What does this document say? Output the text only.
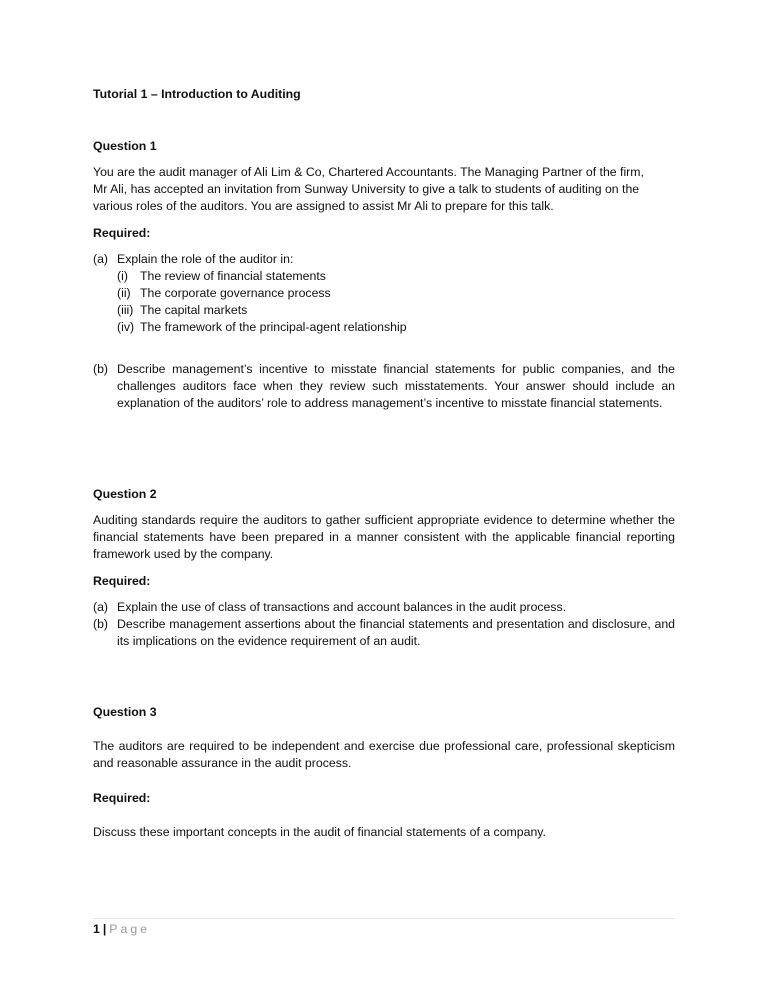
Tutorial 1 – Introduction to Auditing

Question 1

You are the audit manager of Ali Lim & Co, Chartered Accountants. The Managing Partner of the firm,

Mr Ali, has accepted an invitation from Sunway University to give a talk to students of auditing on the

various roles of the auditors. You are assigned to assist Mr Ali to prepare for this talk.

Required:

(a) Explain the role of the auditor in:
(i) The review of financial statements
(ii) The corporate governance process
(iii) The capital markets
(iv) The framework of the principal-agent relationship
(b) Describe management’s incentive to misstate financial statements for public companies, and the challenges auditors face when they review such misstatements. Your answer should include an explanation of the auditors’ role to address management’s incentive to misstate financial statements.

Question 2

Auditing standards require the auditors to gather sufficient appropriate evidence to determine whether the financial statements have been prepared in a manner consistent with the applicable financial reporting framework used by the company.

Required:

(a) Explain the use of class of transactions and account balances in the audit process.

(b) Describe management assertions about the financial statements and presentation and disclosure, and its implications on the evidence requirement of an audit.

Question 3

The auditors are required to be independent and exercise due professional care, professional skepticism and reasonable assurance in the audit process.

Required:

Discuss these important concepts in the audit of financial statements of a company.

1 | Page
